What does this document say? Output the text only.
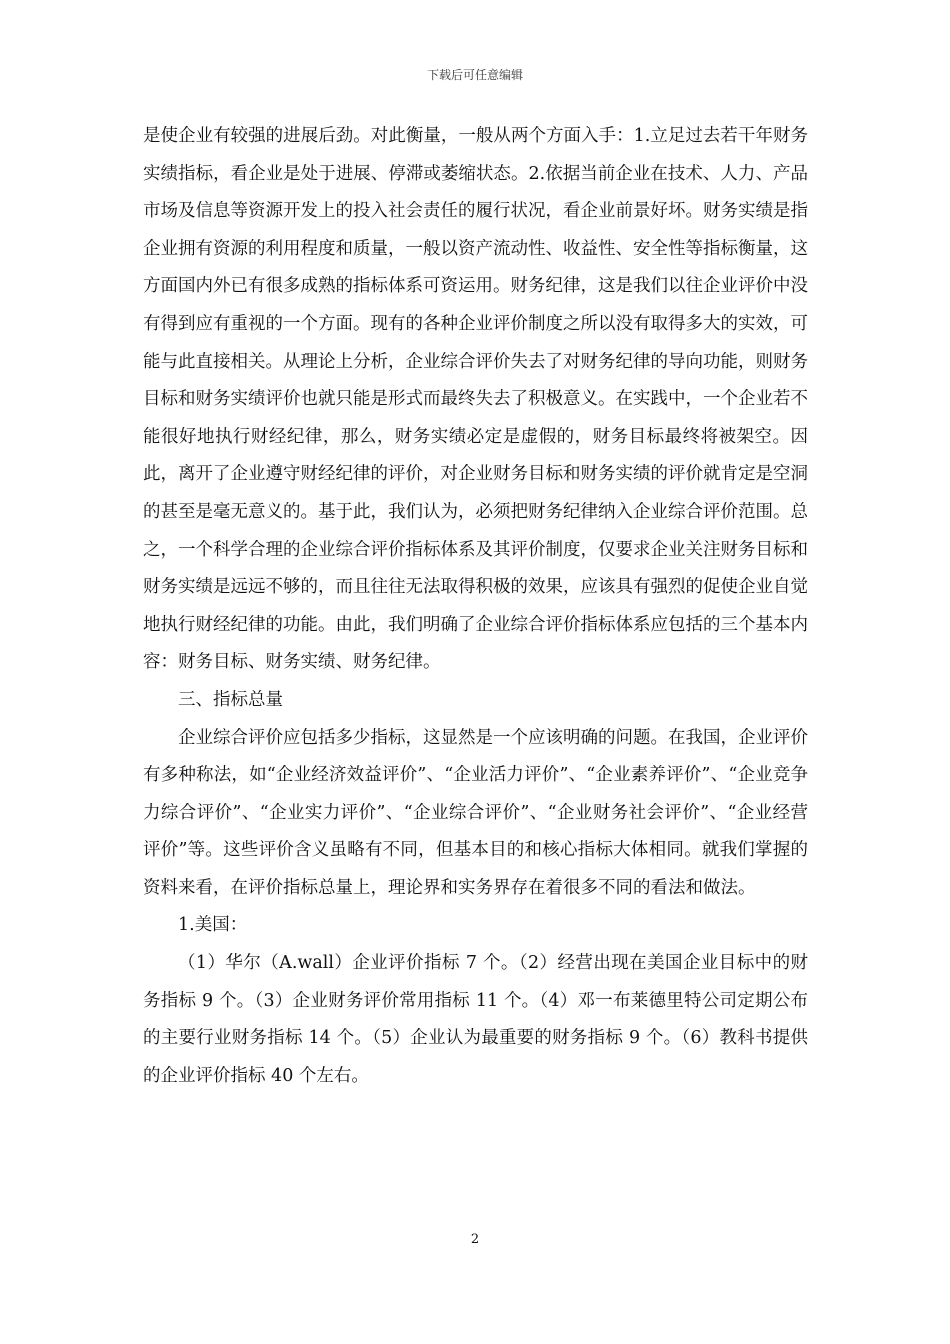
下载后可任意编辑

是使企业有较强的进展后劲。对此衡量，一般从两个方面入手：1.立足过去若干年财务实绩指标，看企业是处于进展、停滞或萎缩状态。2.依据当前企业在技术、人力、产品市场及信息等资源开发上的投入社会责任的履行状况，看企业前景好坏。财务实绩是指企业拥有资源的利用程度和质量，一般以资产流动性、收益性、安全性等指标衡量，这方面国内外已有很多成熟的指标体系可资运用。财务纪律，这是我们以往企业评价中没有得到应有重视的一个方面。现有的各种企业评价制度之所以没有取得多大的实效，可能与此直接相关。从理论上分析，企业综合评价失去了对财务纪律的导向功能，则财务目标和财务实绩评价也就只能是形式而最终失去了积极意义。在实践中，一个企业若不能很好地执行财经纪律，那么，财务实绩必定是虚假的，财务目标最终将被架空。因此，离开了企业遵守财经纪律的评价，对企业财务目标和财务实绩的评价就肯定是空洞的甚至是毫无意义的。基于此，我们认为，必须把财务纪律纳入企业综合评价范围。总之，一个科学合理的企业综合评价指标体系及其评价制度，仅要求企业关注财务目标和财务实绩是远远不够的，而且往往无法取得积极的效果，应该具有强烈的促使企业自觉地执行财经纪律的功能。由此，我们明确了企业综合评价指标体系应包括的三个基本内容：财务目标、财务实绩、财务纪律。

三、指标总量

企业综合评价应包括多少指标，这显然是一个应该明确的问题。在我国，企业评价有多种称法，如“企业经济效益评价”、“企业活力评价”、“企业素养评价”、“企业竞争力综合评价”、“企业实力评价”、“企业综合评价”、“企业财务社会评价”、“企业经营评价”等。这些评价含义虽略有不同，但基本目的和核心指标大体相同。就我们掌握的资料来看，在评价指标总量上，理论界和实务界存在着很多不同的看法和做法。

1.美国：

（1）华尔（A.wall）企业评价指标 7 个。（2）经营出现在美国企业目标中的财务指标 9 个。（3）企业财务评价常用指标 11 个。（4）邓一布莱德里特公司定期公布的主要行业财务指标 14 个。（5）企业认为最重要的财务指标 9 个。（6）教科书提供的企业评价指标 40 个左右。

2
